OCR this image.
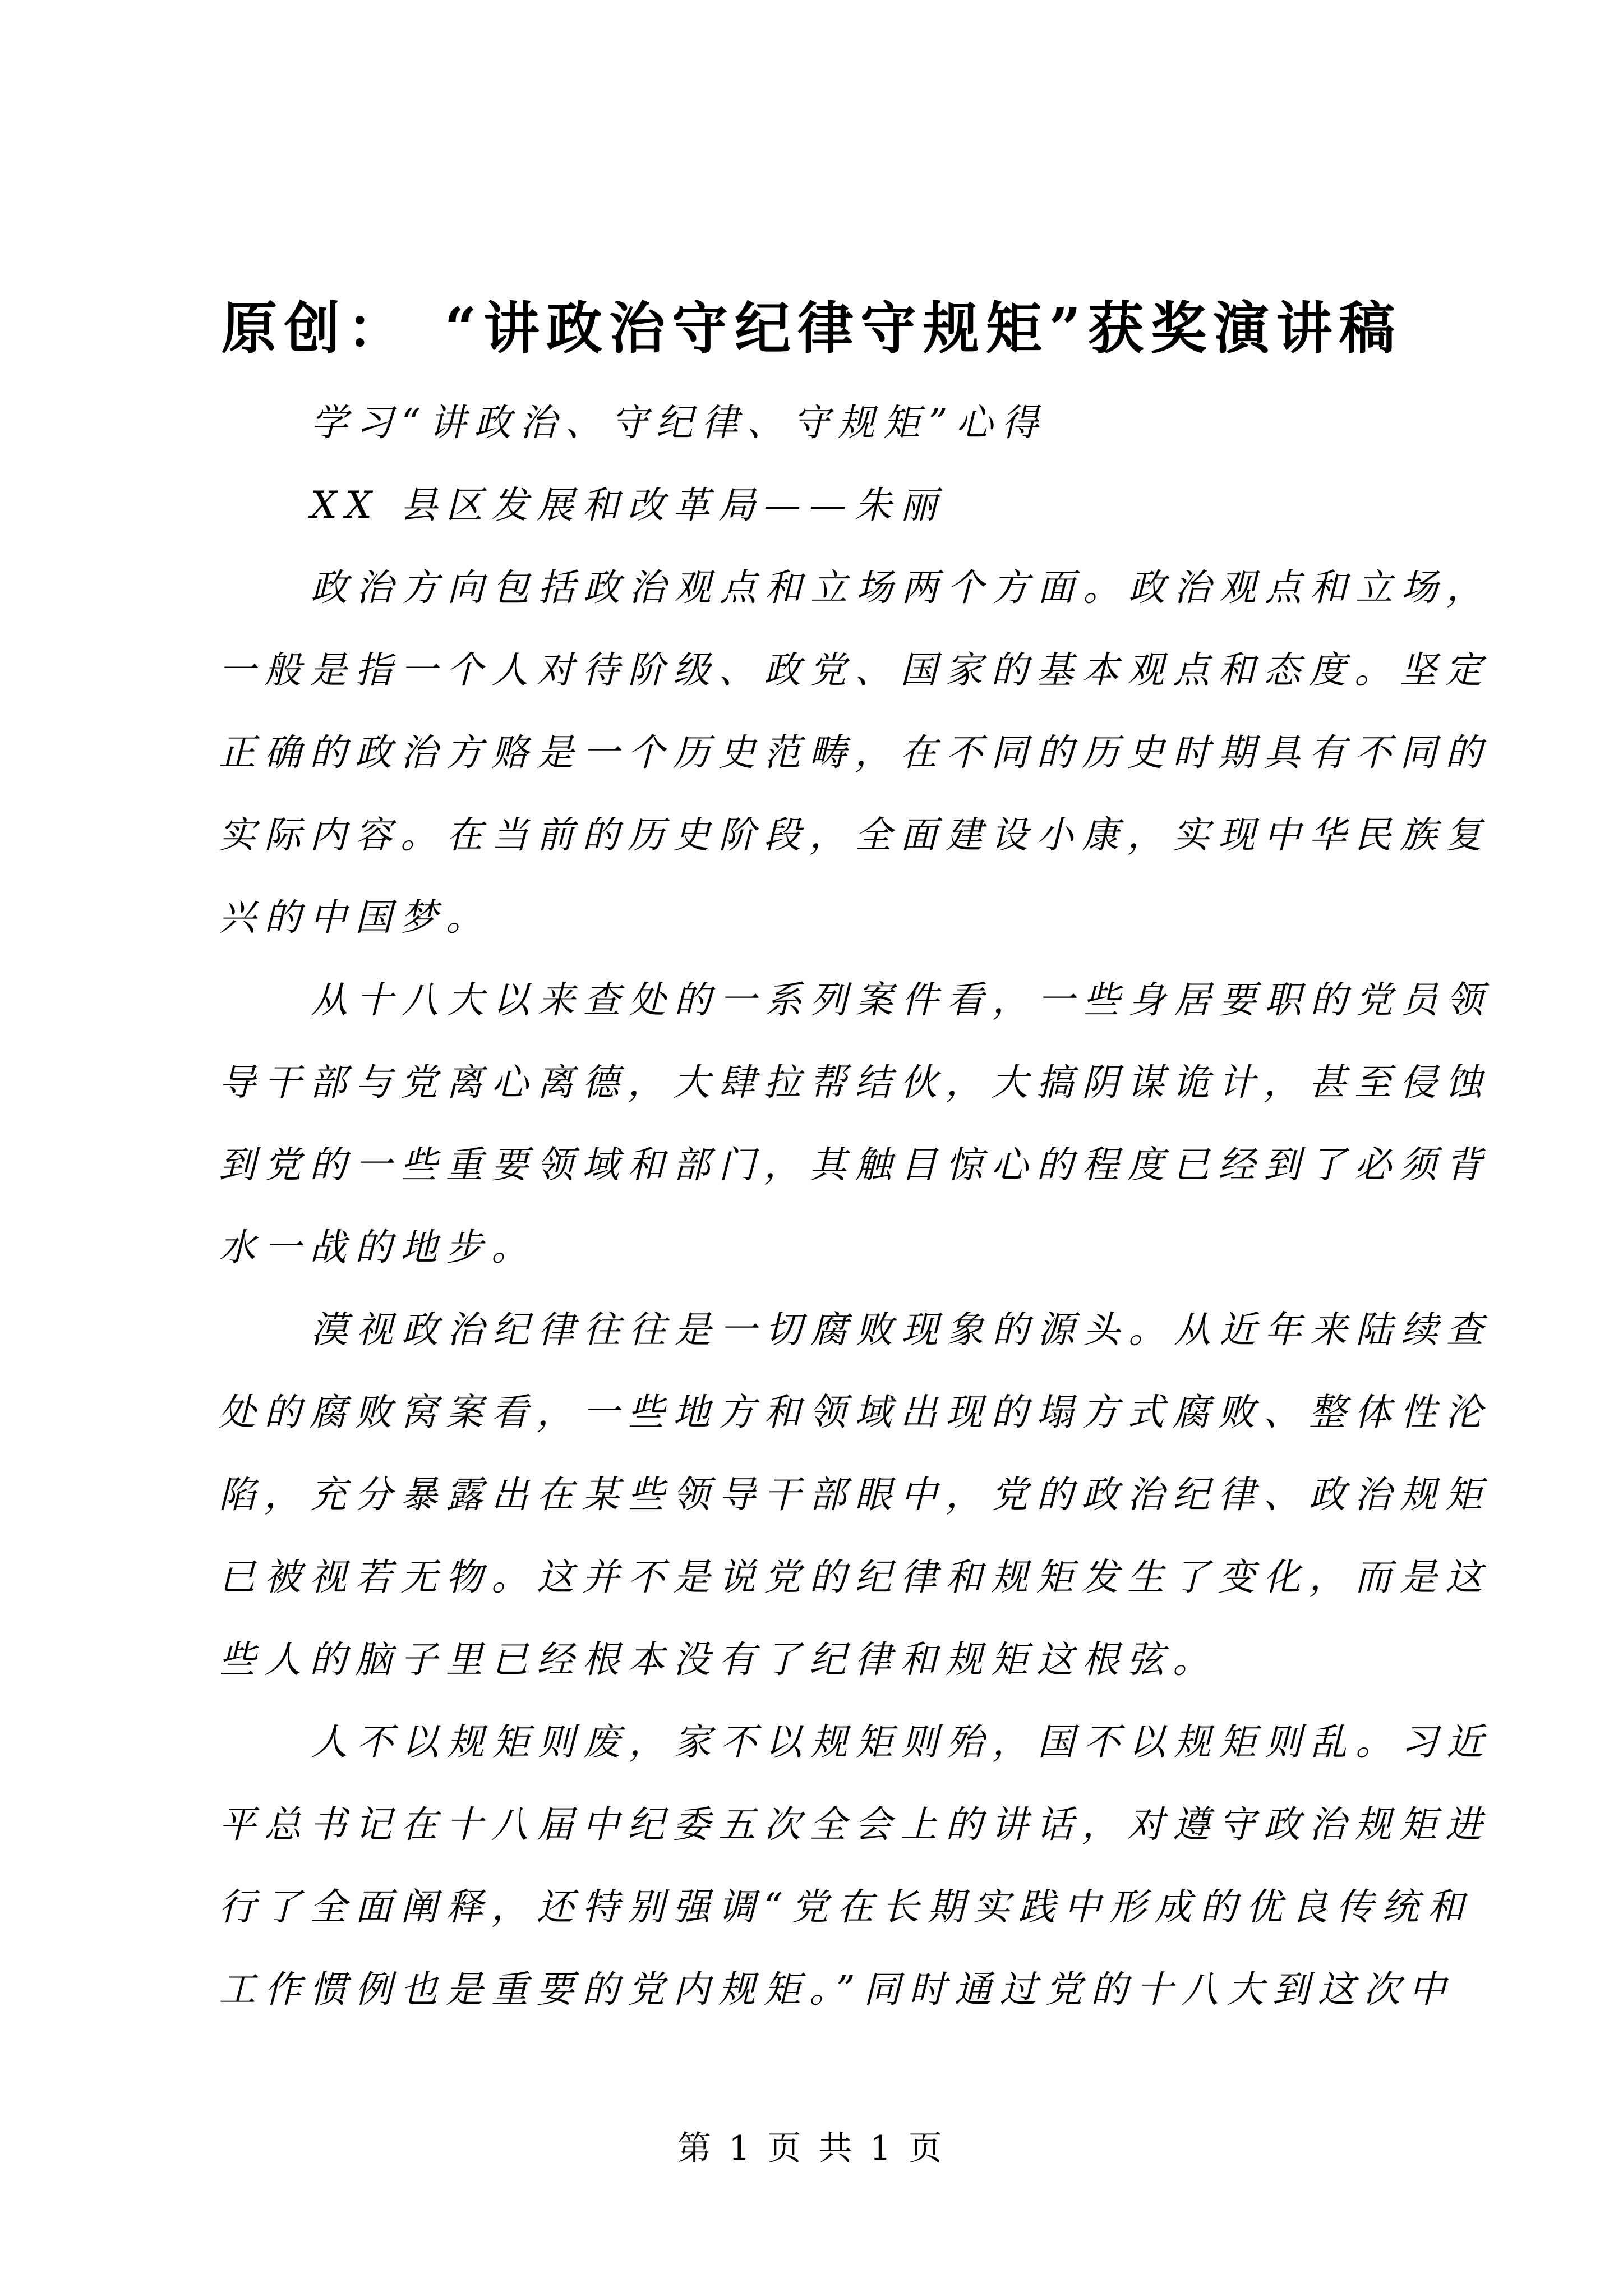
原创：　“讲政治守纪律守规矩”获奖演讲稿
学习“讲政治、守纪律、守规矩”心得
XX 县区发展和改革局——朱丽
政治方向包括政治观点和立场两个方面。政治观点和立场，
一般是指一个人对待阶级、政党、国家的基本观点和态度。坚定
正确的政治方赂是一个历史范畴，在不同的历史时期具有不同的
实际内容。在当前的历史阶段，全面建设小康，实现中华民族复
兴的中国梦。
从十八大以来查处的一系列案件看，一些身居要职的党员领
导干部与党离心离德，大肆拉帮结伙，大搞阴谋诡计，甚至侵蚀
到党的一些重要领域和部门，其触目惊心的程度已经到了必须背
水一战的地步。
漠视政治纪律往往是一切腐败现象的源头。从近年来陆续查
处的腐败窝案看，一些地方和领域出现的塌方式腐败、整体性沦
陷，充分暴露出在某些领导干部眼中，党的政治纪律、政治规矩
已被视若无物。这并不是说党的纪律和规矩发生了变化，而是这
些人的脑子里已经根本没有了纪律和规矩这根弦。
人不以规矩则废，家不以规矩则殆，国不以规矩则乱。习近
平总书记在十八届中纪委五次全会上的讲话，对遵守政治规矩进
行了全面阐释，还特别强调“党在长期实践中形成的优良传统和
工作惯例也是重要的党内规矩。”同时通过党的十八大到这次中
第 1 页 共 1 页
